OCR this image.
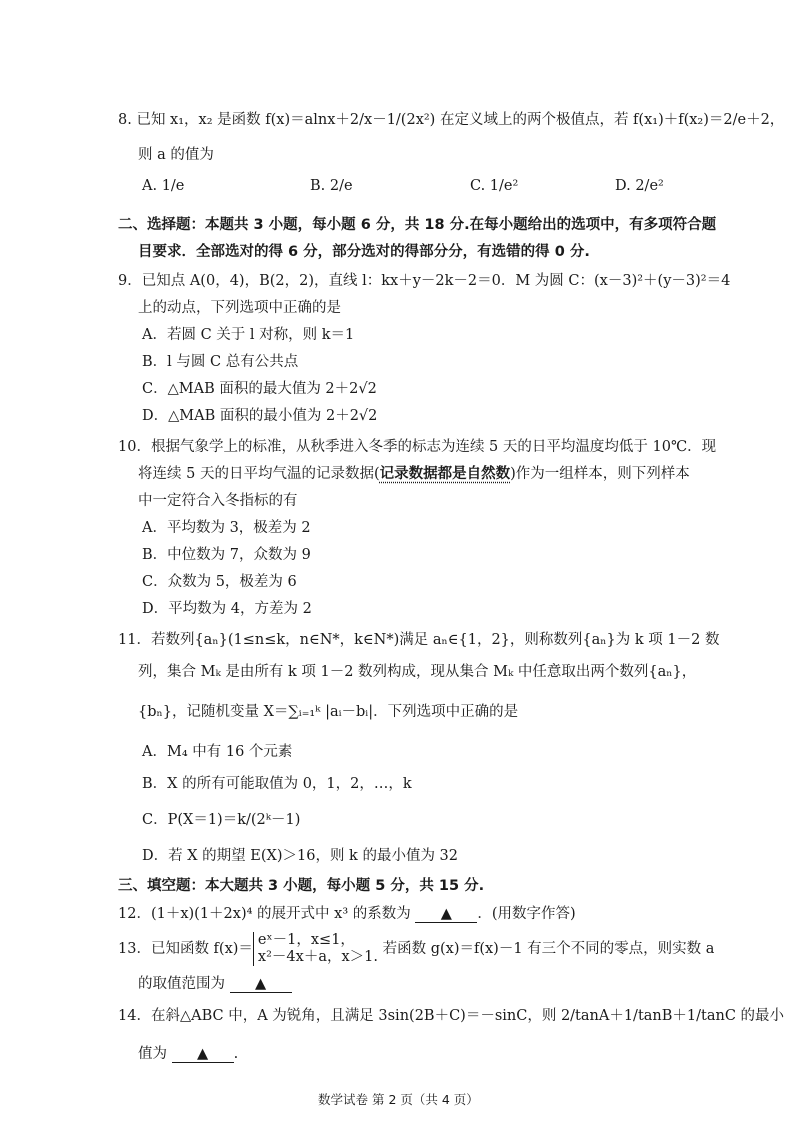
8. 已知 x₁，x₂ 是函数 f(x)＝alnx＋2/x－1/(2x²) 在定义域上的两个极值点，若 f(x₁)＋f(x₂)＝2/e＋2，
则 a 的值为
A. 1/e	B. 2/e	C. 1/e²	D. 2/e²
二、选择题：本题共 3 小题，每小题 6 分，共 18 分.在每小题给出的选项中，有多项符合题
目要求．全部选对的得 6 分，部分选对的得部分分，有选错的得 0 分.
9．已知点 A(0，4)，B(2，2)，直线 l：kx＋y－2k－2＝0．M 为圆 C：(x－3)²＋(y－3)²＝4
上的动点，下列选项中正确的是
A．若圆 C 关于 l 对称，则 k＝1
B．l 与圆 C 总有公共点
C．△MAB 面积的最大值为 2＋2√2
D．△MAB 面积的最小值为 2＋2√2
10．根据气象学上的标准，从秋季进入冬季的标志为连续 5 天的日平均温度均低于 10℃．现
将连续 5 天的日平均气温的记录数据(记录数据都是自然数)作为一组样本，则下列样本
中一定符合入冬指标的有
A．平均数为 3，极差为 2
B．中位数为 7，众数为 9
C．众数为 5，极差为 6
D．平均数为 4，方差为 2
11．若数列{aₙ}(1≤n≤k，n∈N*，k∈N*)满足 aₙ∈{1，2}，则称数列{aₙ}为 k 项 1－2 数
列，集合 Mₖ 是由所有 k 项 1－2 数列构成，现从集合 Mₖ 中任意取出两个数列{aₙ}，
{bₙ}，记随机变量 X＝∑ᵢ₌₁ᵏ |aᵢ－bᵢ|．下列选项中正确的是
A．M₄ 中有 16 个元素
B．X 的所有可能取值为 0，1，2，…，k
C．P(X＝1)＝k/(2ᵏ－1)
D．若 X 的期望 E(X)＞16，则 k 的最小值为 32
三、填空题：本大题共 3 小题，每小题 5 分，共 15 分.
12．(1＋x)(1＋2x)⁴ 的展开式中 x³ 的系数为 ▲ ．(用数字作答)
13．已知函数 f(x)＝
eˣ－1，x≤1，
x²－4x＋a，x＞1. 若函数 g(x)＝f(x)－1 有三个不同的零点，则实数 a
的取值范围为 ▲
14．在斜△ABC 中，A 为锐角，且满足 3sin(2B＋C)＝－sinC，则 2/tanA＋1/tanB＋1/tanC 的最小
值为 ▲ .
数学试卷 第 2 页（共 4 页）
